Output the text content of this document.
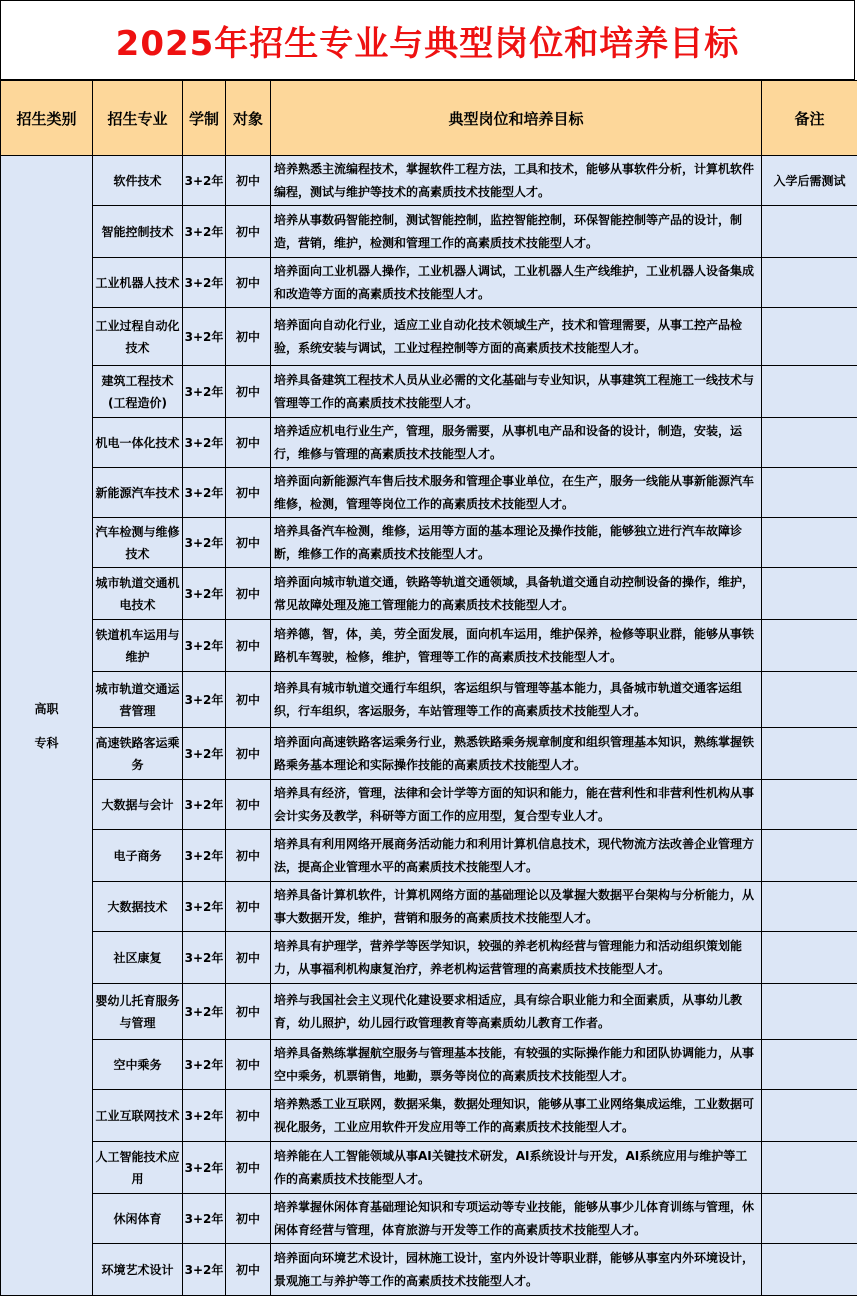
2025年招生专业与典型岗位和培养目标
招生类别	招生专业	学制	对象	典型岗位和培养目标	备注
高职专科	软件技术	3+2年	初中	培养熟悉主流编程技术，掌握软件工程方法，工具和技术，能够从事软件分析，计算机软件编程，测试与维护等技术的高素质技术技能型人才。	入学后需测试
	智能控制技术	3+2年	初中	培养从事数码智能控制，测试智能控制，监控智能控制，环保智能控制等产品的设计，制造，营销，维护，检测和管理工作的高素质技术技能型人才。	
	工业机器人技术	3+2年	初中	培养面向工业机器人操作，工业机器人调试，工业机器人生产线维护，工业机器人设备集成和改造等方面的高素质技术技能型人才。	
	工业过程自动化技术	3+2年	初中	培养面向自动化行业，适应工业自动化技术领域生产，技术和管理需要，从事工控产品检验，系统安装与调试，工业过程控制等方面的高素质技术技能型人才。	
	建筑工程技术(工程造价)	3+2年	初中	培养具备建筑工程技术人员从业必需的文化基础与专业知识，从事建筑工程施工一线技术与管理等工作的高素质技术技能型人才。	
	机电一体化技术	3+2年	初中	培养适应机电行业生产，管理，服务需要，从事机电产品和设备的设计，制造，安装，运行，维修与管理的高素质技术技能型人才。	
	新能源汽车技术	3+2年	初中	培养面向新能源汽车售后技术服务和管理企事业单位，在生产，服务一线能从事新能源汽车维修，检测，管理等岗位工作的高素质技术技能型人才。	
	汽车检测与维修技术	3+2年	初中	培养具备汽车检测，维修，运用等方面的基本理论及操作技能，能够独立进行汽车故障诊断，维修工作的高素质技术技能型人才。	
	城市轨道交通机电技术	3+2年	初中	培养面向城市轨道交通，铁路等轨道交通领域，具备轨道交通自动控制设备的操作，维护，常见故障处理及施工管理能力的高素质技术技能型人才。	
	铁道机车运用与维护	3+2年	初中	培养德，智，体，美，劳全面发展，面向机车运用，维护保养，检修等职业群，能够从事铁路机车驾驶，检修，维护，管理等工作的高素质技术技能型人才。	
	城市轨道交通运营管理	3+2年	初中	培养具有城市轨道交通行车组织，客运组织与管理等基本能力，具备城市轨道交通客运组织，行车组织，客运服务，车站管理等工作的高素质技术技能型人才。	
	高速铁路客运乘务	3+2年	初中	培养面向高速铁路客运乘务行业，熟悉铁路乘务规章制度和组织管理基本知识，熟练掌握铁路乘务基本理论和实际操作技能的高素质技术技能型人才。	
	大数据与会计	3+2年	初中	培养具有经济，管理，法律和会计学等方面的知识和能力，能在营利性和非营利性机构从事会计实务及教学，科研等方面工作的应用型，复合型专业人才。	
	电子商务	3+2年	初中	培养具有利用网络开展商务活动能力和利用计算机信息技术，现代物流方法改善企业管理方法，提高企业管理水平的高素质技术技能型人才。	
	大数据技术	3+2年	初中	培养具备计算机软件，计算机网络方面的基础理论以及掌握大数据平台架构与分析能力，从事大数据开发，维护，营销和服务的高素质技术技能型人才。	
	社区康复	3+2年	初中	培养具有护理学，营养学等医学知识，较强的养老机构经营与管理能力和活动组织策划能力，从事福利机构康复治疗，养老机构运营管理的高素质技术技能型人才。	
	婴幼儿托育服务与管理	3+2年	初中	培养与我国社会主义现代化建设要求相适应，具有综合职业能力和全面素质，从事幼儿教育，幼儿照护，幼儿园行政管理教育等高素质幼儿教育工作者。	
	空中乘务	3+2年	初中	培养具备熟练掌握航空服务与管理基本技能，有较强的实际操作能力和团队协调能力，从事空中乘务，机票销售，地勤，票务等岗位的高素质技术技能型人才。	
	工业互联网技术	3+2年	初中	培养熟悉工业互联网，数据采集，数据处理知识，能够从事工业网络集成运维，工业数据可视化服务，工业应用软件开发应用等工作的高素质技术技能型人才。	
	人工智能技术应用	3+2年	初中	培养能在人工智能领域从事AI关键技术研发，AI系统设计与开发，AI系统应用与维护等工作的高素质技术技能型人才。	
	休闲体育	3+2年	初中	培养掌握休闲体育基础理论知识和专项运动等专业技能，能够从事少儿体育训练与管理，休闲体育经营与管理，体育旅游与开发等工作的高素质技术技能型人才。	
	环境艺术设计	3+2年	初中	培养面向环境艺术设计，园林施工设计，室内外设计等职业群，能够从事室内外环境设计，景观施工与养护等工作的高素质技术技能型人才。	
